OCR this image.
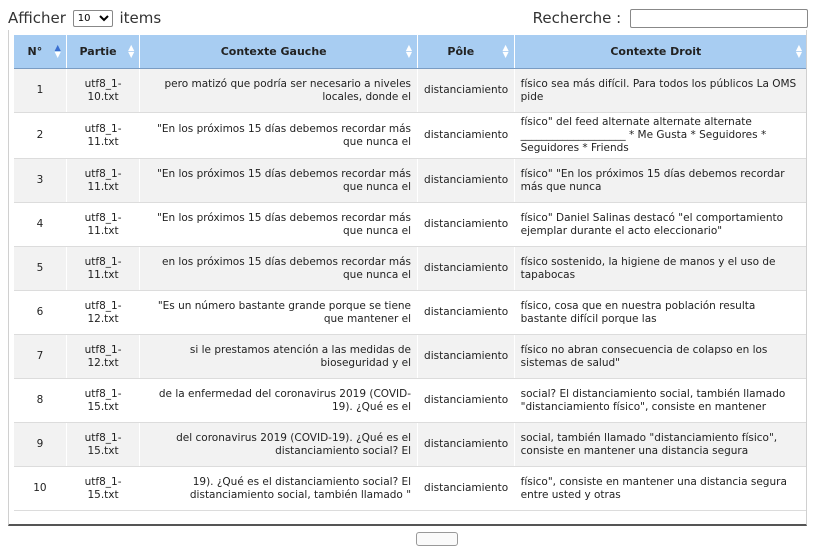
Afficher
10	items	Recherche :
N° ▲
▼	Partie ▲
▼	Contexte Gauche ▲
▼	Pôle ▲
▼	Contexte Droit ▲
▼

1	utf8_1-10.txt	pero matizó que podría ser necesario a niveles locales, donde el	distanciamiento	físico sea más difícil. Para todos los públicos La OMS pide
2	utf8_1-11.txt	"En los próximos 15 días debemos recordar más que nunca el	distanciamiento	físico" del feed alternate alternate alternate ____________________ * Me Gusta * Seguidores * Seguidores * Friends
3	utf8_1-11.txt	"En los próximos 15 días debemos recordar más que nunca el	distanciamiento	físico" "En los próximos 15 días debemos recordar más que nunca
4	utf8_1-11.txt	"En los próximos 15 días debemos recordar más que nunca el	distanciamiento	físico" Daniel Salinas destacó "el comportamiento ejemplar durante el acto eleccionario"
5	utf8_1-11.txt	en los próximos 15 días debemos recordar más que nunca el	distanciamiento	físico sostenido, la higiene de manos y el uso de tapabocas
6	utf8_1-12.txt	"Es un número bastante grande porque se tiene que mantener el	distanciamiento	físico, cosa que en nuestra población resulta bastante difícil porque las
7	utf8_1-12.txt	si le prestamos atención a las medidas de bioseguridad y el	distanciamiento	físico no abran consecuencia de colapso en los sistemas de salud"
8	utf8_1-15.txt	de la enfermedad del coronavirus 2019 (COVID-19). ¿Qué es el	distanciamiento	social? El distanciamiento social, también llamado "distanciamiento físico", consiste en mantener
9	utf8_1-15.txt	del coronavirus 2019 (COVID-19). ¿Qué es el distanciamiento social? El	distanciamiento	social, también llamado "distanciamiento físico", consiste en mantener una distancia segura
10	utf8_1-15.txt	19). ¿Qué es el distanciamiento social? El distanciamiento social, también llamado "	distanciamiento	físico", consiste en mantener una distancia segura entre usted y otras
